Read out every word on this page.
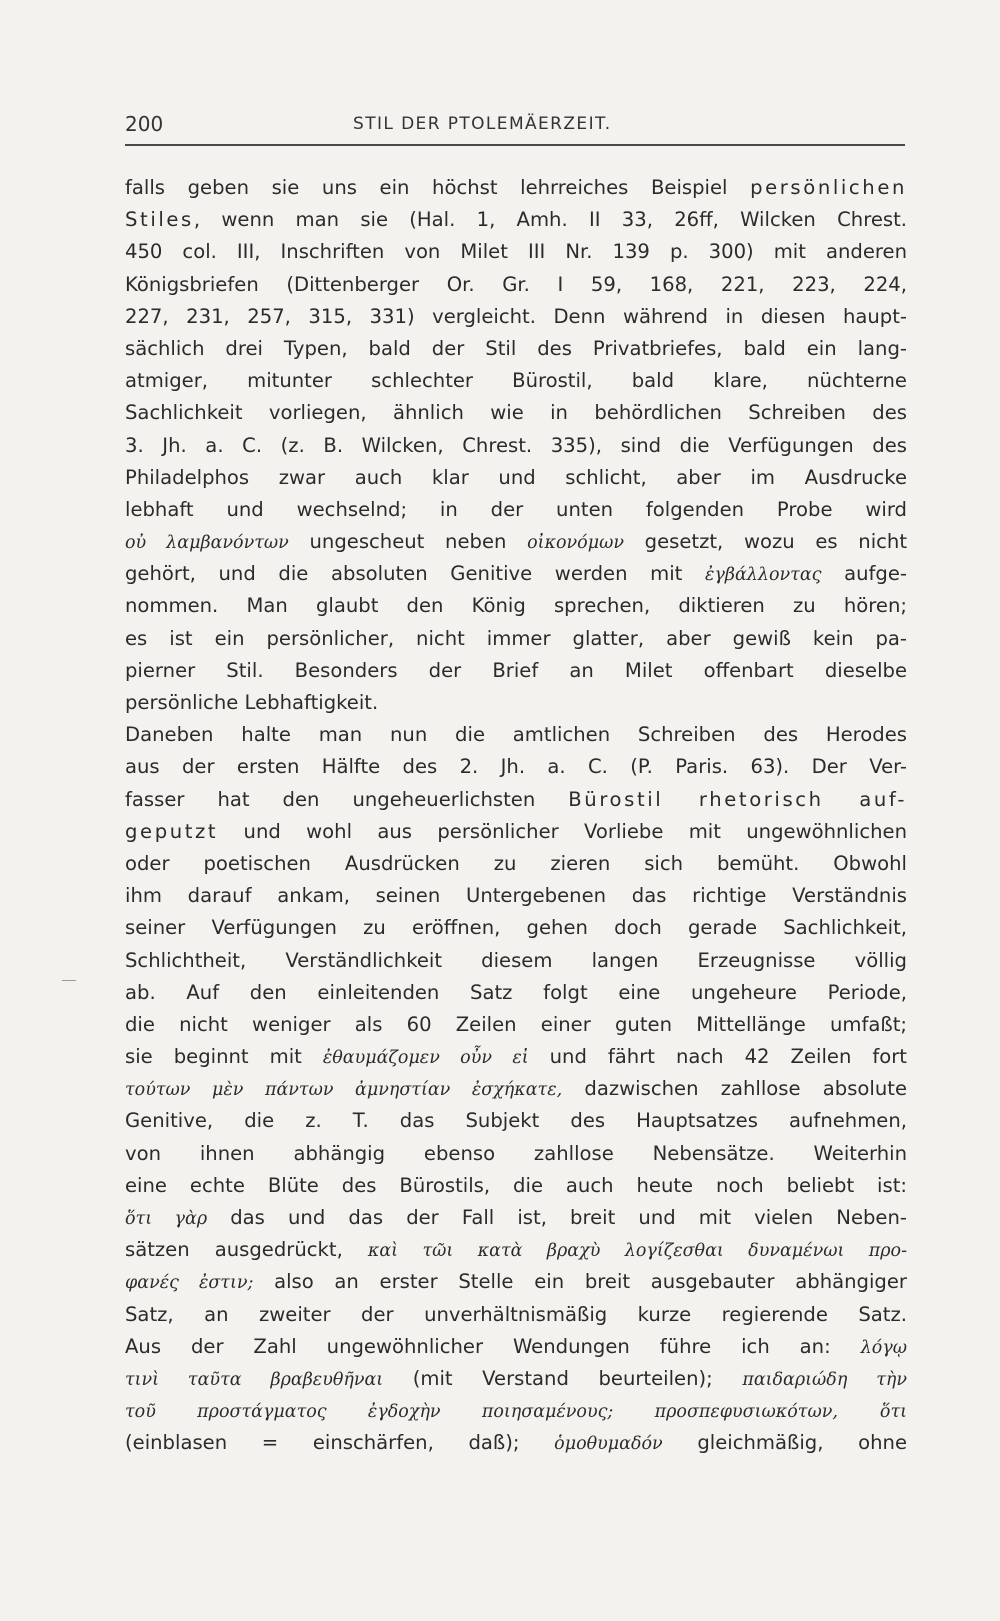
200	STIL DER PTOLEMÄERZEIT.
falls geben sie uns ein höchst lehrreiches Beispiel persönlichen
Stiles, wenn man sie (Hal. 1, Amh. II 33, 26ff, Wilcken Chrest.
450 col. III, Inschriften von Milet III Nr. 139 p. 300) mit anderen
Königsbriefen (Dittenberger Or. Gr. I 59, 168, 221, 223, 224,
227, 231, 257, 315, 331) vergleicht. Denn während in diesen haupt-
sächlich drei Typen, bald der Stil des Privatbriefes, bald ein lang-
atmiger, mitunter schlechter Bürostil, bald klare, nüchterne
Sachlichkeit vorliegen, ähnlich wie in behördlichen Schreiben des
3. Jh. a. C. (z. B. Wilcken, Chrest. 335), sind die Verfügungen des
Philadelphos zwar auch klar und schlicht, aber im Ausdrucke
lebhaft und wechselnd; in der unten folgenden Probe wird
οὐ λαμβανόντων ungescheut neben οἰκονόμων gesetzt, wozu es nicht
gehört, und die absoluten Genitive werden mit ἐγβάλλοντας aufge-
nommen. Man glaubt den König sprechen, diktieren zu hören;
es ist ein persönlicher, nicht immer glatter, aber gewiß kein pa-
pierner Stil. Besonders der Brief an Milet offenbart dieselbe
persönliche Lebhaftigkeit.
Daneben halte man nun die amtlichen Schreiben des Herodes
aus der ersten Hälfte des 2. Jh. a. C. (P. Paris. 63). Der Ver-
fasser hat den ungeheuerlichsten Bürostil rhetorisch auf-
geputzt und wohl aus persönlicher Vorliebe mit ungewöhnlichen
oder poetischen Ausdrücken zu zieren sich bemüht. Obwohl
ihm darauf ankam, seinen Untergebenen das richtige Verständnis
seiner Verfügungen zu eröffnen, gehen doch gerade Sachlichkeit,
Schlichtheit, Verständlichkeit diesem langen Erzeugnisse völlig
ab. Auf den einleitenden Satz folgt eine ungeheure Periode,
die nicht weniger als 60 Zeilen einer guten Mittellänge umfaßt;
sie beginnt mit ἐθαυμάζομεν οὖν εἰ und fährt nach 42 Zeilen fort
τούτων μὲν πάντων ἀμνηστίαν ἐσχήκατε, dazwischen zahllose absolute
Genitive, die z. T. das Subjekt des Hauptsatzes aufnehmen,
von ihnen abhängig ebenso zahllose Nebensätze. Weiterhin
eine echte Blüte des Bürostils, die auch heute noch beliebt ist:
ὅτι γὰρ das und das der Fall ist, breit und mit vielen Neben-
sätzen ausgedrückt, καὶ τῶι κατὰ βραχὺ λογίζεσθαι δυναμένωι προ-
φανές ἐστιν; also an erster Stelle ein breit ausgebauter abhängiger
Satz, an zweiter der unverhältnismäßig kurze regierende Satz.
Aus der Zahl ungewöhnlicher Wendungen führe ich an: λόγῳ
τινὶ ταῦτα βραβευθῆναι (mit Verstand beurteilen); παιδαριώδη τὴν
τοῦ προστάγματος ἐγδοχὴν ποιησαμένους; προσπεφυσιωκότων, ὅτι
(einblasen = einschärfen, daß); ὁμοθυμαδόν gleichmäßig, ohne
